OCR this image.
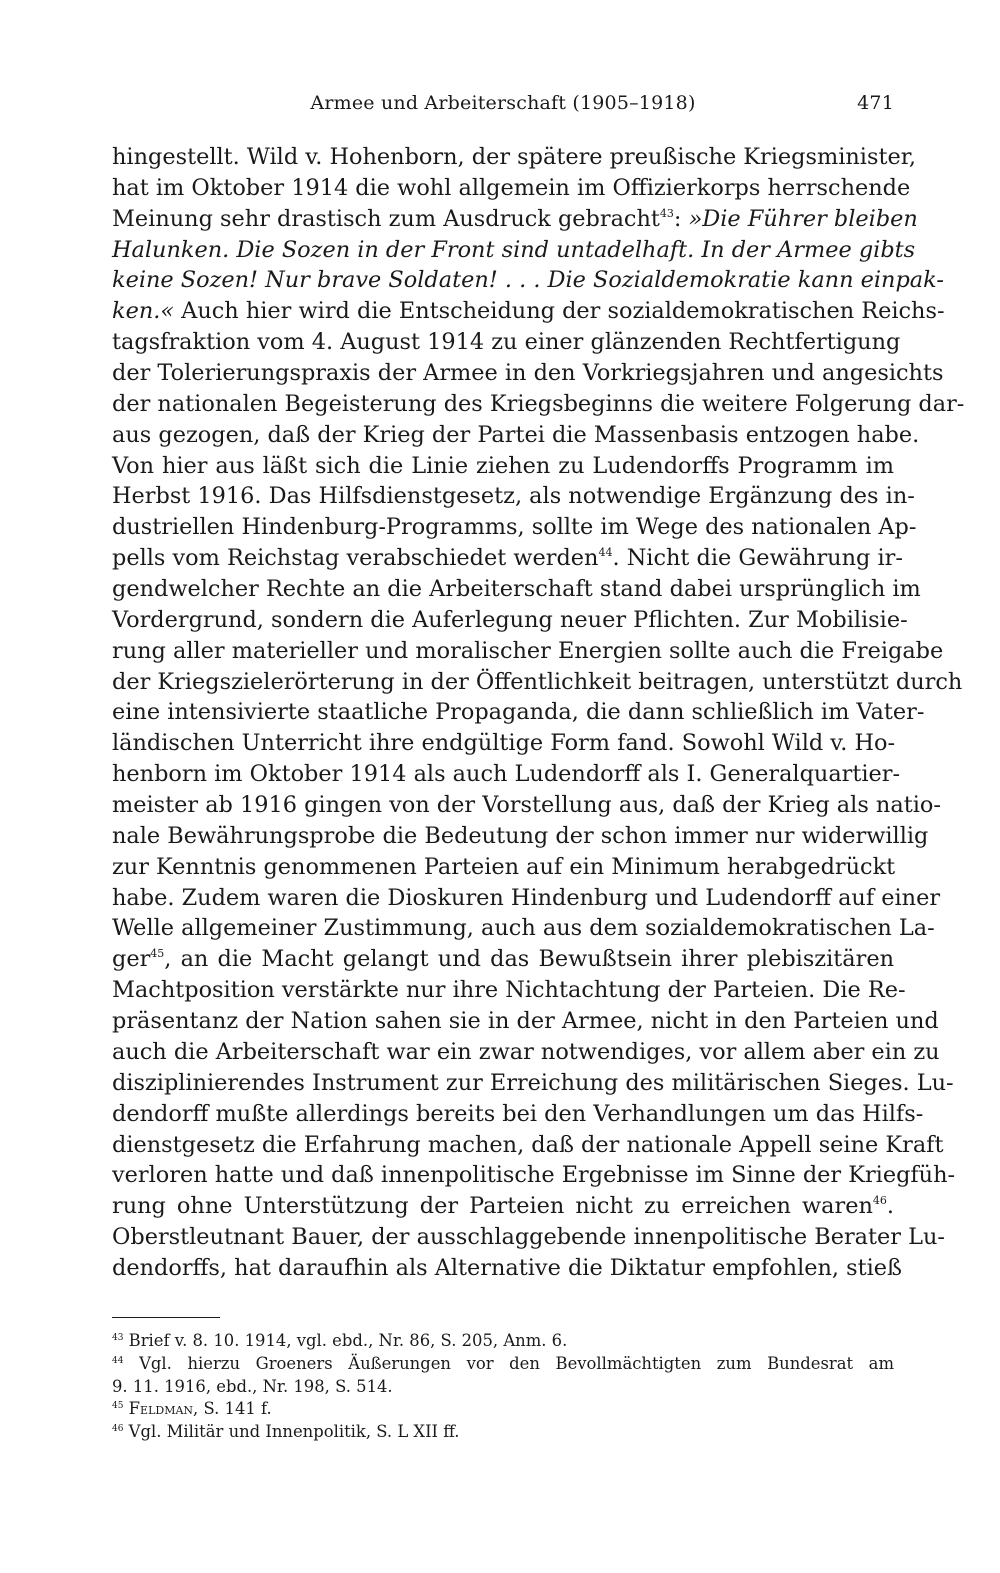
Armee und Arbeiterschaft (1905–1918)	471
hingestellt. Wild v. Hohenborn, der spätere preußische Kriegsminister,
hat im Oktober 1914 die wohl allgemein im Offizierkorps herrschende
Meinung sehr drastisch zum Ausdruck gebracht$^{43}$: »Die Führer bleiben
Halunken. Die Sozen in der Front sind untadelhaft. In der Armee gibts
keine Sozen! Nur brave Soldaten! . . . Die Sozialdemokratie kann einpak-
ken.« Auch hier wird die Entscheidung der sozialdemokratischen Reichs-
tagsfraktion vom 4. August 1914 zu einer glänzenden Rechtfertigung
der Tolerierungspraxis der Armee in den Vorkriegsjahren und angesichts
der nationalen Begeisterung des Kriegsbeginns die weitere Folgerung dar-
aus gezogen, daß der Krieg der Partei die Massenbasis entzogen habe.
Von hier aus läßt sich die Linie ziehen zu Ludendorffs Programm im
Herbst 1916. Das Hilfsdienstgesetz, als notwendige Ergänzung des in-
dustriellen Hindenburg-Programms, sollte im Wege des nationalen Ap-
pells vom Reichstag verabschiedet werden$^{44}$. Nicht die Gewährung ir-
gendwelcher Rechte an die Arbeiterschaft stand dabei ursprünglich im
Vordergrund, sondern die Auferlegung neuer Pflichten. Zur Mobilisie-
rung aller materieller und moralischer Energien sollte auch die Freigabe
der Kriegszielerörterung in der Öffentlichkeit beitragen, unterstützt durch
eine intensivierte staatliche Propaganda, die dann schließlich im Vater-
ländischen Unterricht ihre endgültige Form fand. Sowohl Wild v. Ho-
henborn im Oktober 1914 als auch Ludendorff als I. Generalquartier-
meister ab 1916 gingen von der Vorstellung aus, daß der Krieg als natio-
nale Bewährungsprobe die Bedeutung der schon immer nur widerwillig
zur Kenntnis genommenen Parteien auf ein Minimum herabgedrückt
habe. Zudem waren die Dioskuren Hindenburg und Ludendorff auf einer
Welle allgemeiner Zustimmung, auch aus dem sozialdemokratischen La-
ger$^{45}$, an die Macht gelangt und das Bewußtsein ihrer plebiszitären
Machtposition verstärkte nur ihre Nichtachtung der Parteien. Die Re-
präsentanz der Nation sahen sie in der Armee, nicht in den Parteien und
auch die Arbeiterschaft war ein zwar notwendiges, vor allem aber ein zu
disziplinierendes Instrument zur Erreichung des militärischen Sieges. Lu-
dendorff mußte allerdings bereits bei den Verhandlungen um das Hilfs-
dienstgesetz die Erfahrung machen, daß der nationale Appell seine Kraft
verloren hatte und daß innenpolitische Ergebnisse im Sinne der Kriegfüh-
rung ohne Unterstützung der Parteien nicht zu erreichen waren$^{46}$.
Oberstleutnant Bauer, der ausschlaggebende innenpolitische Berater Lu-
dendorffs, hat daraufhin als Alternative die Diktatur empfohlen, stieß
$^{43}$ Brief v. 8. 10. 1914, vgl. ebd., Nr. 86, S. 205, Anm. 6.
$^{44}$ Vgl. hierzu Groeners Äußerungen vor den Bevollmächtigten zum Bundesrat am
9. 11. 1916, ebd., Nr. 198, S. 514.
$^{45}$ Feldman, S. 141 f.
$^{46}$ Vgl. Militär und Innenpolitik, S. L XII ff.
